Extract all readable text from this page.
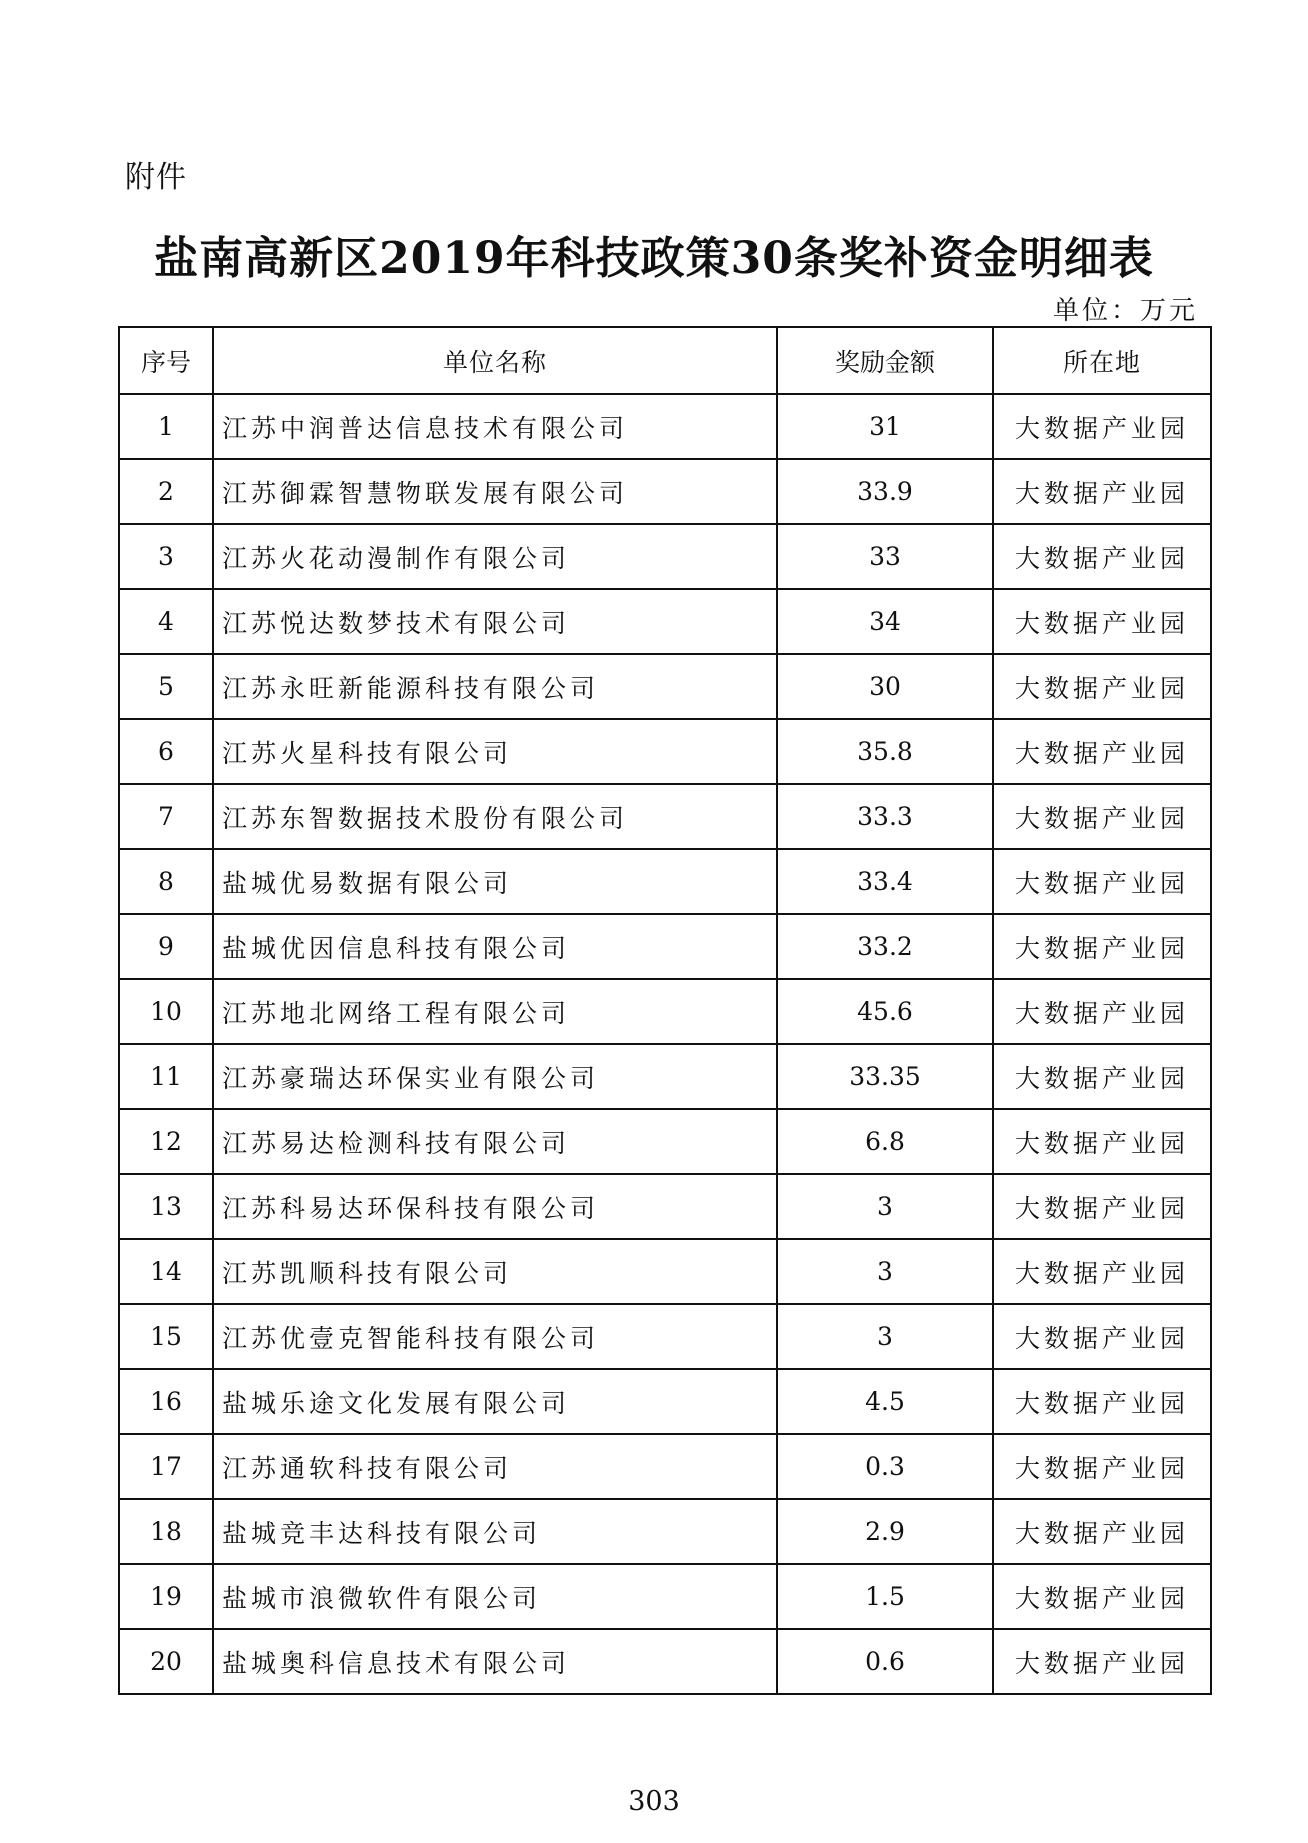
附件
盐南高新区2019年科技政策30条奖补资金明细表
单位：万元
序号	单位名称	奖励金额	所在地
1	江苏中润普达信息技术有限公司	31	大数据产业园
2	江苏御霖智慧物联发展有限公司	33.9	大数据产业园
3	江苏火花动漫制作有限公司	33	大数据产业园
4	江苏悦达数梦技术有限公司	34	大数据产业园
5	江苏永旺新能源科技有限公司	30	大数据产业园
6	江苏火星科技有限公司	35.8	大数据产业园
7	江苏东智数据技术股份有限公司	33.3	大数据产业园
8	盐城优易数据有限公司	33.4	大数据产业园
9	盐城优因信息科技有限公司	33.2	大数据产业园
10	江苏地北网络工程有限公司	45.6	大数据产业园
11	江苏豪瑞达环保实业有限公司	33.35	大数据产业园
12	江苏易达检测科技有限公司	6.8	大数据产业园
13	江苏科易达环保科技有限公司	3	大数据产业园
14	江苏凯顺科技有限公司	3	大数据产业园
15	江苏优壹克智能科技有限公司	3	大数据产业园
16	盐城乐途文化发展有限公司	4.5	大数据产业园
17	江苏通软科技有限公司	0.3	大数据产业园
18	盐城竞丰达科技有限公司	2.9	大数据产业园
19	盐城市浪微软件有限公司	1.5	大数据产业园
20	盐城奥科信息技术有限公司	0.6	大数据产业园
303
